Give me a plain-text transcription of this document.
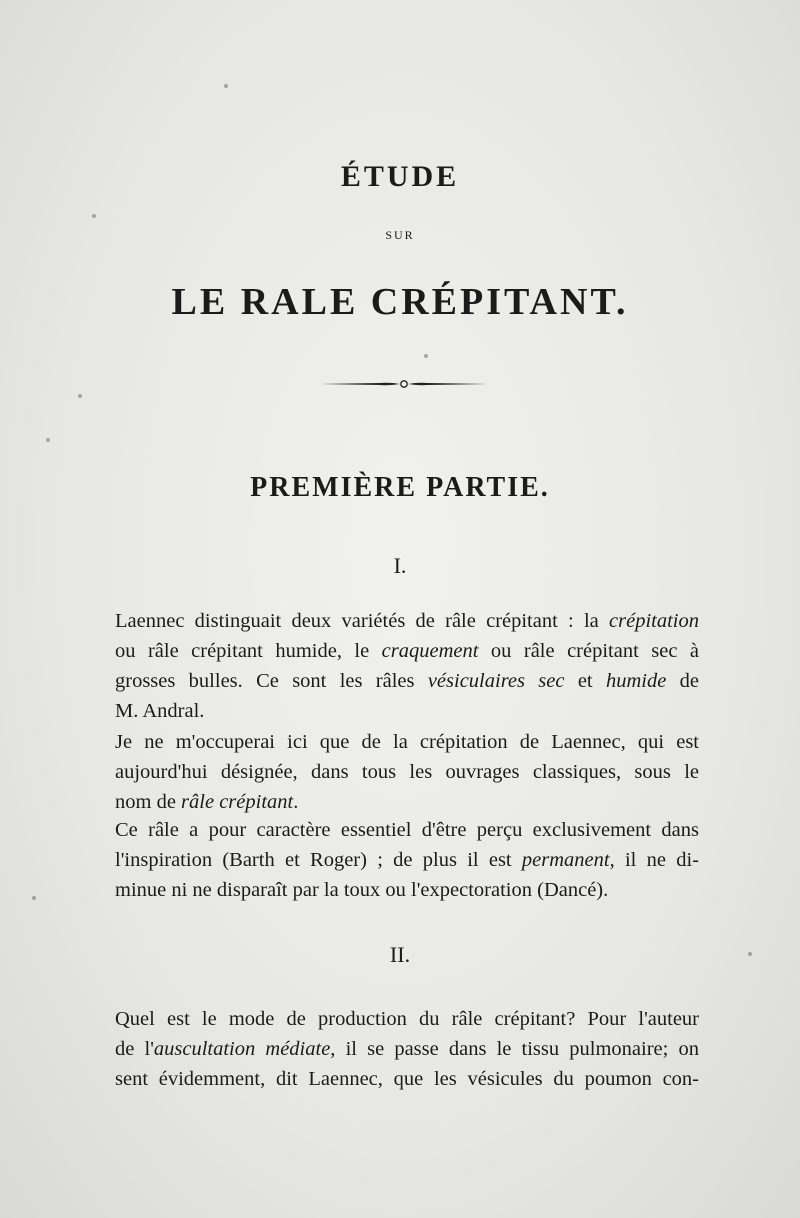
ÉTUDE
SUR
LE RALE CRÉPITANT.
PREMIÈRE PARTIE.
I.

Laennec distinguait deux variétés de râle crépitant : la crépitation
ou râle crépitant humide, le craquement ou râle crépitant sec à
grosses bulles. Ce sont les râles vésiculaires sec et humide de
M. Andral.

Je ne m'occuperai ici que de la crépitation de Laennec, qui est
aujourd'hui désignée, dans tous les ouvrages classiques, sous le
nom de râle crépitant.

Ce râle a pour caractère essentiel d'être perçu exclusivement dans
l'inspiration (Barth et Roger) ; de plus il est permanent, il ne di-
minue ni ne disparaît par la toux ou l'expectoration (Dancé).

II.

Quel est le mode de production du râle crépitant? Pour l'auteur
de l'auscultation médiate, il se passe dans le tissu pulmonaire; on
sent évidemment, dit Laennec, que les vésicules du poumon con-
